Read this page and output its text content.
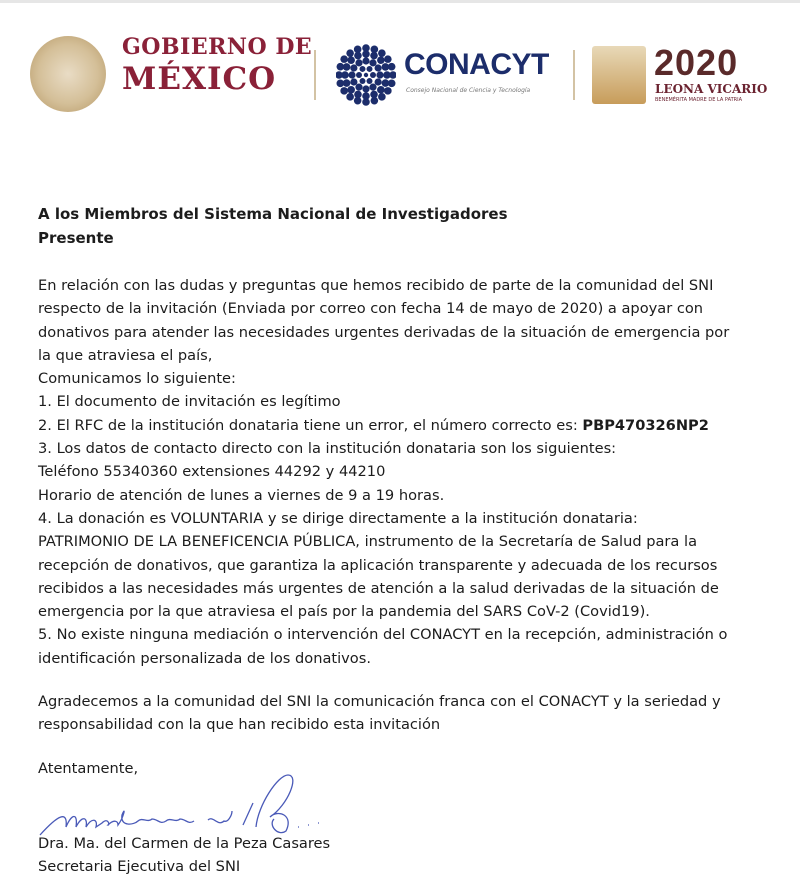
GOBIERNO DE
MÉXICO	CONACYT
Consejo Nacional de Ciencia y Tecnología
2020
LEONA VICARIO
BENEMÉRITA MADRE DE LA PATRIA
A los Miembros del Sistema Nacional de Investigadores
Presente
En relación con las dudas y preguntas que hemos recibido de parte de la comunidad del SNI
respecto de la invitación (Enviada por correo con fecha 14 de mayo de 2020) a apoyar con
donativos para atender las necesidades urgentes derivadas de la situación de emergencia por
la que atraviesa el país,
Comunicamos lo siguiente:
1. El documento de invitación es legítimo
2. El RFC de la institución donataria tiene un error, el número correcto es: PBP470326NP2
3. Los datos de contacto directo con la institución donataria son los siguientes:
Teléfono 55340360 extensiones 44292 y 44210
Horario de atención de lunes a viernes de 9 a 19 horas.
4. La donación es VOLUNTARIA y se dirige directamente a la institución donataria:
PATRIMONIO DE LA BENEFICENCIA PÚBLICA, instrumento de la Secretaría de Salud para la
recepción de donativos, que garantiza la aplicación transparente y adecuada de los recursos
recibidos a las necesidades más urgentes de atención a la salud derivadas de la situación de
emergencia por la que atraviesa el país por la pandemia del SARS CoV-2 (Covid19).
5. No existe ninguna mediación o intervención del CONACYT en la recepción, administración o
identificación personalizada de los donativos.
Agradecemos a la comunidad del SNI la comunicación franca con el CONACYT y la seriedad y
responsabilidad con la que han recibido esta invitación
Atentamente,
Dra. Ma. del Carmen de la Peza Casares
Secretaria Ejecutiva del SNI
